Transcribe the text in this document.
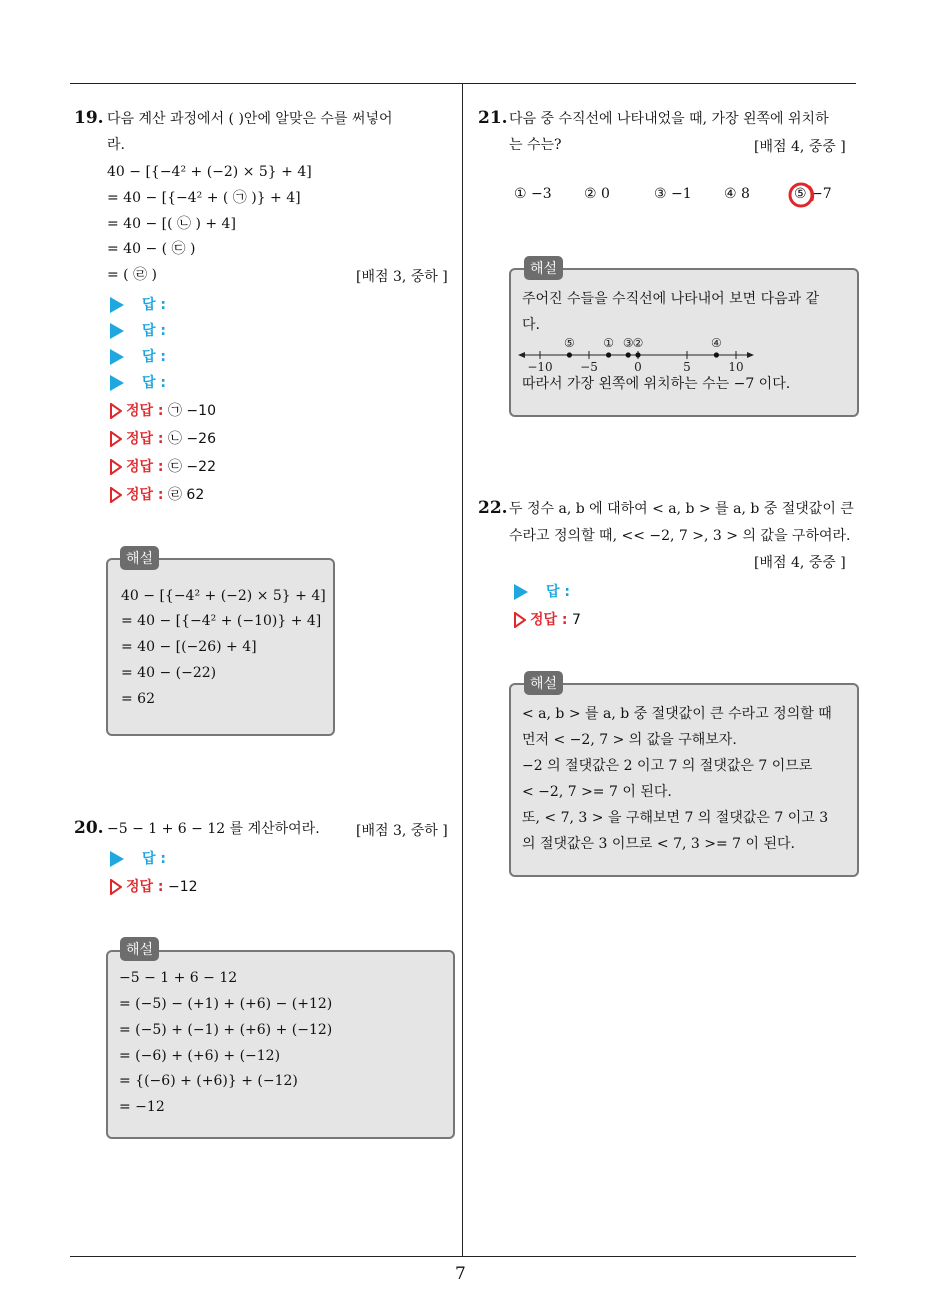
7
19. 다음 계산 과정에서 ( )안에 알맞은 수를 써넣어
라.
40 − [{−4² + (−2) × 5} + 4]
= 40 − [{−4² + ( ㉠ )} + 4]
= 40 − [( ㉡ ) + 4]
= 40 − ( ㉢ )
= ( ㉣ )	[배점 3, 중하 ]
답 :
답 :
답 :
답 :
정답 : ㉠ −10
정답 : ㉡ −26
정답 : ㉢ −22
정답 : ㉣ 62
해설
40 − [{−4² + (−2) × 5} + 4]
= 40 − [{−4² + (−10)} + 4]
= 40 − [(−26) + 4]
= 40 − (−22)
= 62
20. −5 − 1 + 6 − 12 를 계산하여라.	[배점 3, 중하 ]
답 :
정답 : −12
해설
−5 − 1 + 6 − 12
= (−5) − (+1) + (+6) − (+12)
= (−5) + (−1) + (+6) + (−12)
= (−6) + (+6) + (−12)
= {(−6) + (+6)} + (−12)
= −12
21. 다음 중 수직선에 나타내었을 때, 가장 왼쪽에 위치하
는 수는?	[배점 4, 중중 ]
① −3 ② 0	③ −1 ④ 8	⑤ −7
해설
주어진 수들을 수직선에 나타내어 보면 다음과 같
다.
−10 −5	0	5	10
⑤ ① ③ ②	④
따라서 가장 왼쪽에 위치하는 수는 −7 이다.
22. 두 정수 a, b 에 대하여 < a, b > 를 a, b 중 절댓값이 큰
수라고 정의할 때, << −2, 7 >, 3 > 의 값을 구하여라.
[배점 4, 중중 ]
답 :
정답 : 7
해설
< a, b > 를 a, b 중 절댓값이 큰 수라고 정의할 때
먼저 < −2, 7 > 의 값을 구해보자.
−2 의 절댓값은 2 이고 7 의 절댓값은 7 이므로
< −2, 7 >= 7 이 된다.
또, < 7, 3 > 을 구해보면 7 의 절댓값은 7 이고 3
의 절댓값은 3 이므로 < 7, 3 >= 7 이 된다.
